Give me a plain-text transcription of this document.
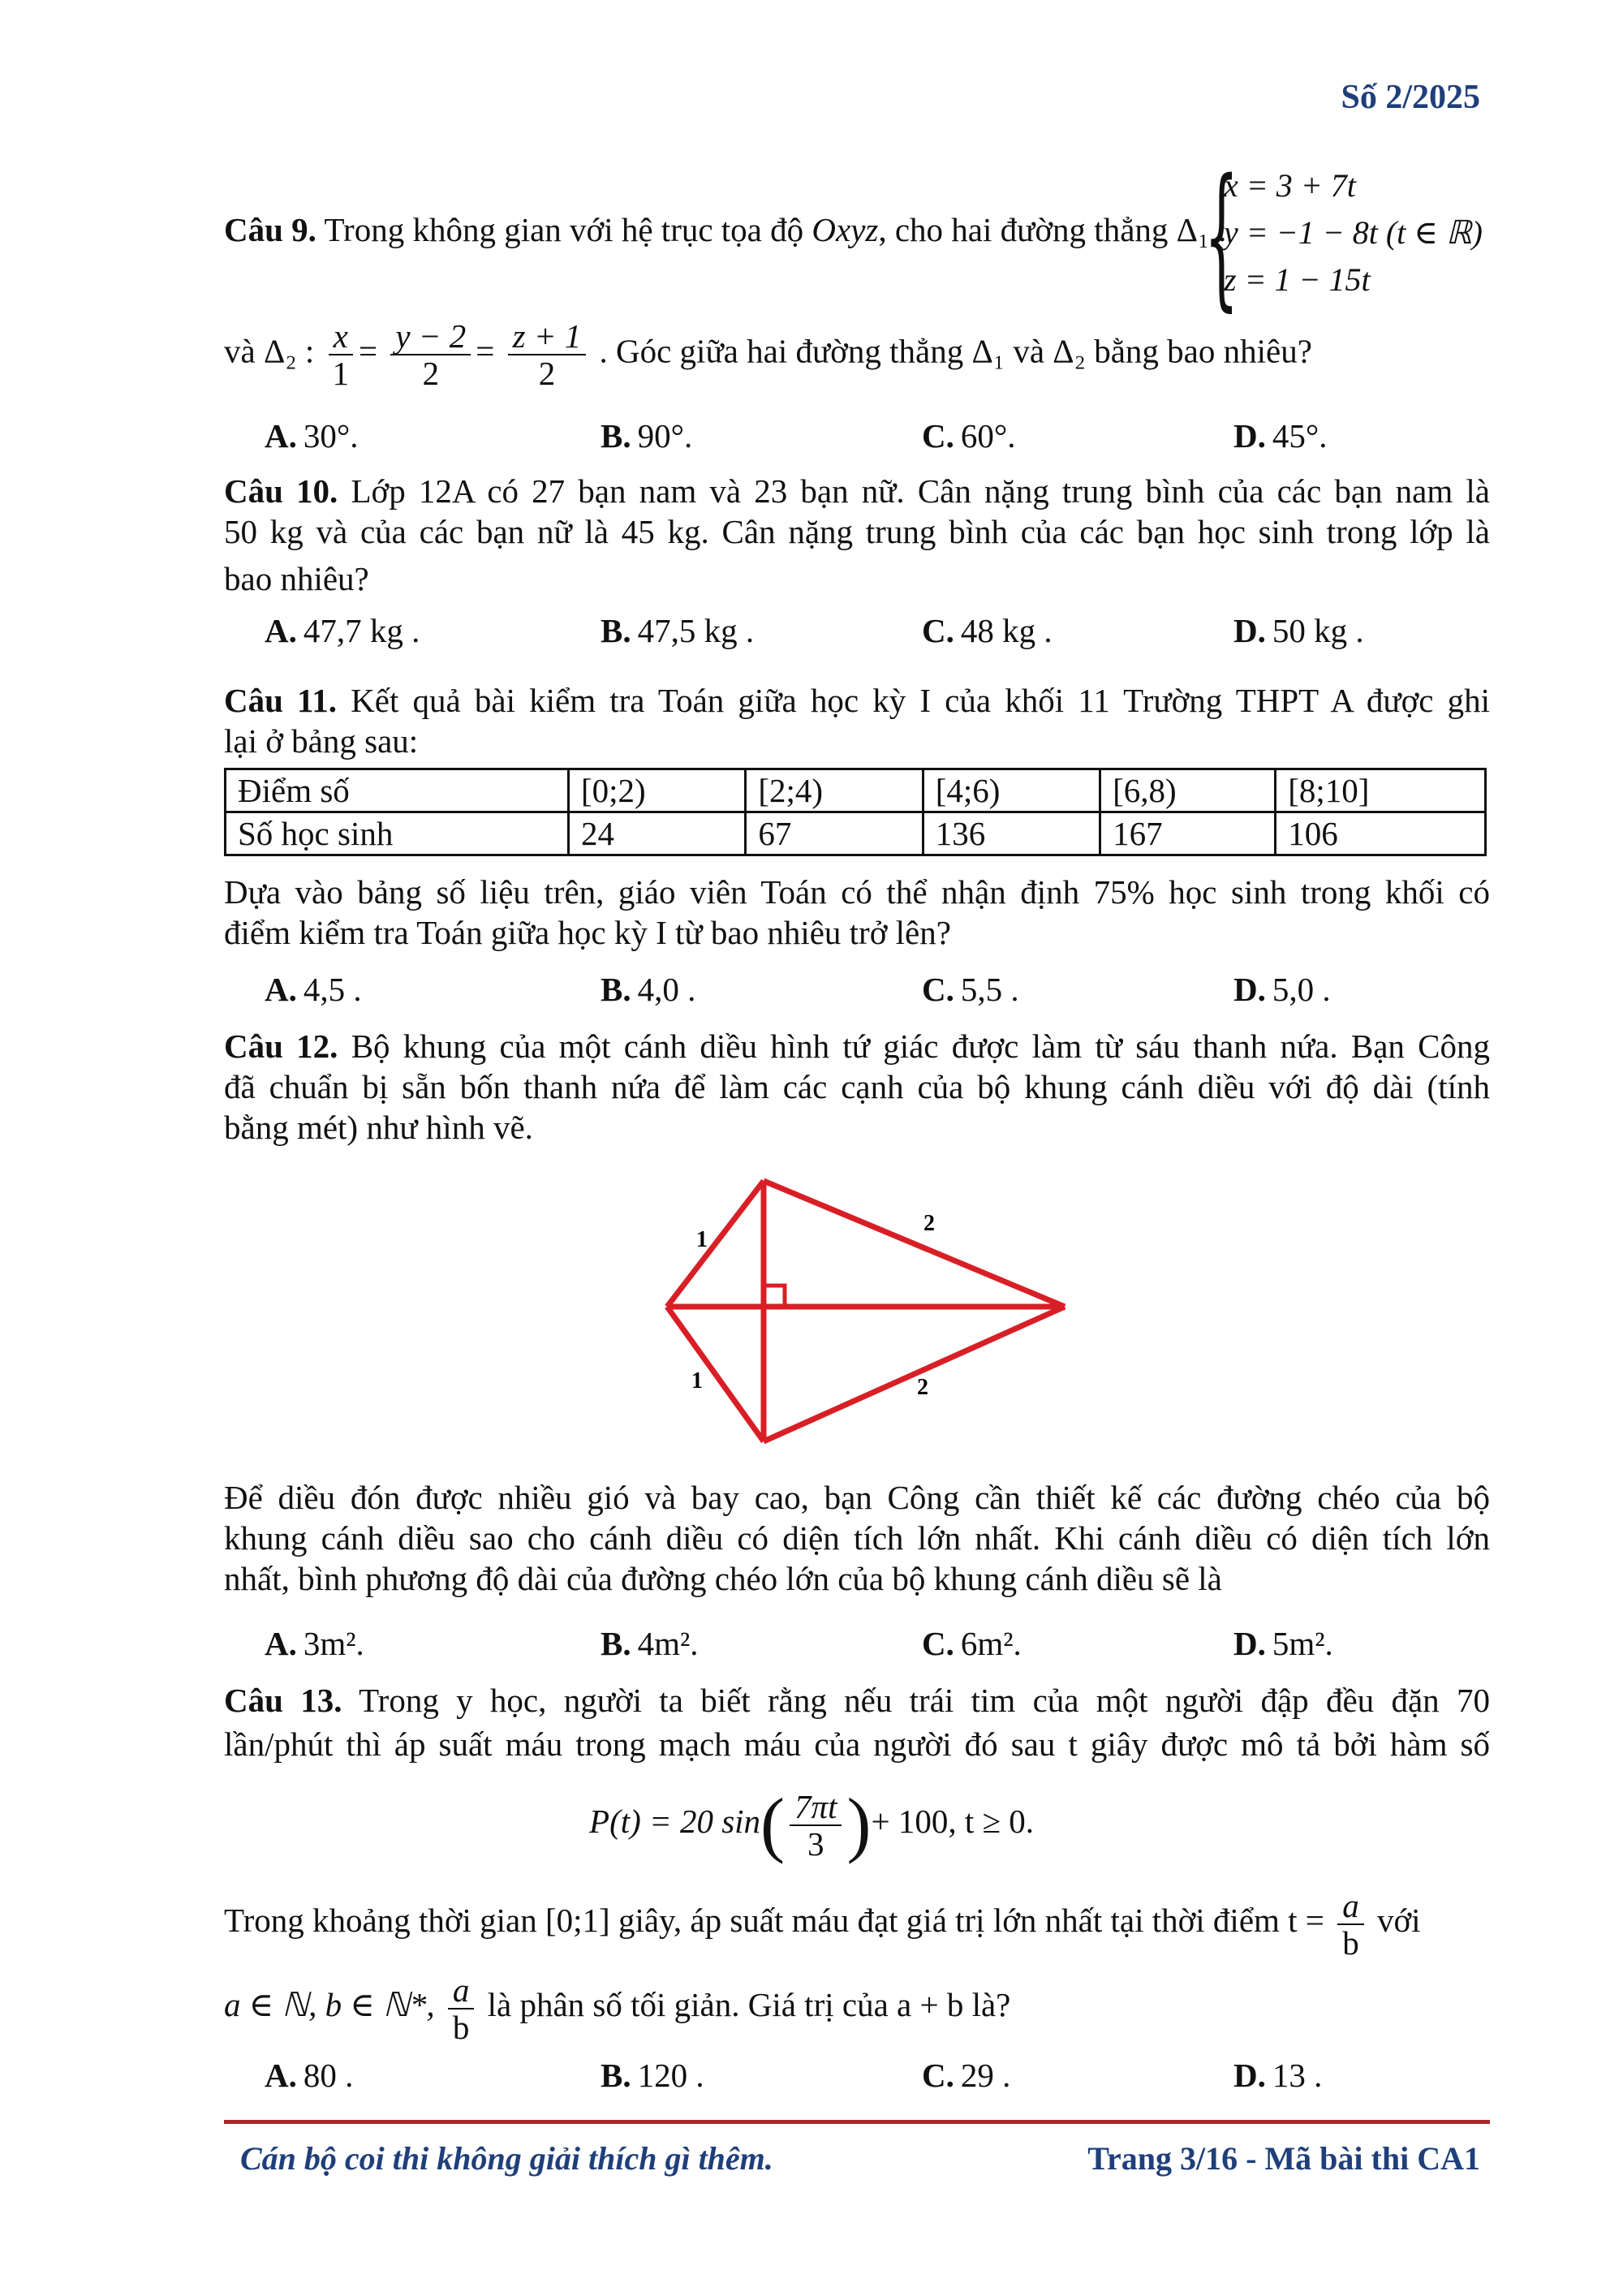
Số 2/2025
{
x = 3 + 7t
y = −1 − 8t (t ∈ ℝ)
z = 1 − 15t
Câu 9. Trong không gian với hệ trục tọa độ Oxyz, cho hai đường thẳng Δ₁ :
và Δ₂ : $\frac{x}{1} = \frac{y - 2}{2} = \frac{z + 1}{2}$ . Góc giữa hai đường thẳng Δ₁ và Δ₂ bằng bao nhiêu?
A. 30°.	B. 90°.	C. 60°.	D. 45°.
Câu 10. Lớp 12A có 27 bạn nam và 23 bạn nữ. Cân nặng trung bình của các bạn nam là
50 kg và của các bạn nữ là 45 kg. Cân nặng trung bình của các bạn học sinh trong lớp là
bao nhiêu?
A. 47,7 kg .	B. 47,5 kg .	C. 48 kg .	D. 50 kg .
Câu 11. Kết quả bài kiểm tra Toán giữa học kỳ I của khối 11 Trường THPT A được ghi
lại ở bảng sau:
Điểm số	[0;2)	[2;4)	[4;6)	[6,8)	[8;10]
Số học sinh	24	67	136	167	106
Dựa vào bảng số liệu trên, giáo viên Toán có thể nhận định 75% học sinh trong khối có
điểm kiểm tra Toán giữa học kỳ I từ bao nhiêu trở lên?
A. 4,5 .	B. 4,0 .	C. 5,5 .	D. 5,0 .
Câu 12. Bộ khung của một cánh diều hình tứ giác được làm từ sáu thanh nứa. Bạn Công
đã chuẩn bị sẵn bốn thanh nứa để làm các cạnh của bộ khung cánh diều với độ dài (tính
bằng mét) như hình vẽ.
1
2
1	2
Để diều đón được nhiều gió và bay cao, bạn Công cần thiết kế các đường chéo của bộ
khung cánh diều sao cho cánh diều có diện tích lớn nhất. Khi cánh diều có diện tích lớn
nhất, bình phương độ dài của đường chéo lớn của bộ khung cánh diều sẽ là
A. 3m².	B. 4m².	C. 6m².	D. 5m².
Câu 13. Trong y học, người ta biết rằng nếu trái tim của một người đập đều đặn 70
lần/phút thì áp suất máu trong mạch máu của người đó sau t giây được mô tả bởi hàm số
P(t) = 20 $\sin( \frac{7\pi t}{3}$ )+ 100, t ≥ 0.
Trong khoảng thời gian [0;1] giây, áp suất máu đạt giá trị lớn nhất tại thời điểm $t = \frac{a}{b}$ với
a ∈ ℕ, b ∈ ℕ*, $\frac{a}{b}$ là phân số tối giản. Giá trị của a + b là?
A. 80 .	B. 120 .	C. 29 .	D. 13 .
Cán bộ coi thi không giải thích gì thêm.	Trang 3/16 - Mã bài thi CA1
